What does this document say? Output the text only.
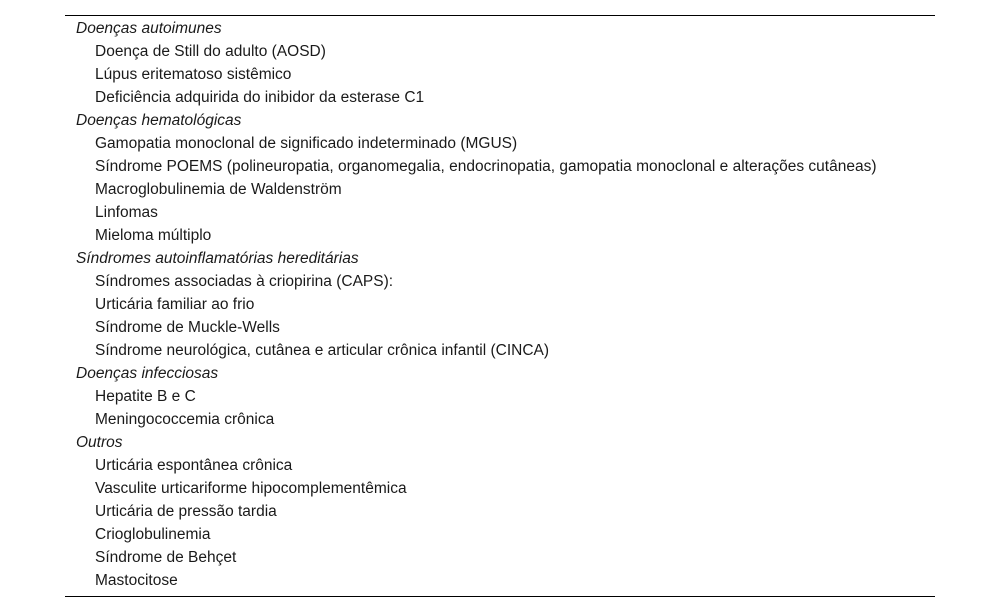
Doenças autoimunes
Doença de Still do adulto (AOSD)
Lúpus eritematoso sistêmico
Deficiência adquirida do inibidor da esterase C1
Doenças hematológicas
Gamopatia monoclonal de significado indeterminado (MGUS)
Síndrome POEMS (polineuropatia, organomegalia, endocrinopatia, gamopatia monoclonal e alterações cutâneas)
Macroglobulinemia de Waldenström
Linfomas
Mieloma múltiplo
Síndromes autoinflamatórias hereditárias
Síndromes associadas à criopirina (CAPS):
Urticária familiar ao frio
Síndrome de Muckle-Wells
Síndrome neurológica, cutânea e articular crônica infantil (CINCA)
Doenças infecciosas
Hepatite B e C
Meningococcemia crônica
Outros
Urticária espontânea crônica
Vasculite urticariforme hipocomplementêmica
Urticária de pressão tardia
Crioglobulinemia
Síndrome de Behçet
Mastocitose
